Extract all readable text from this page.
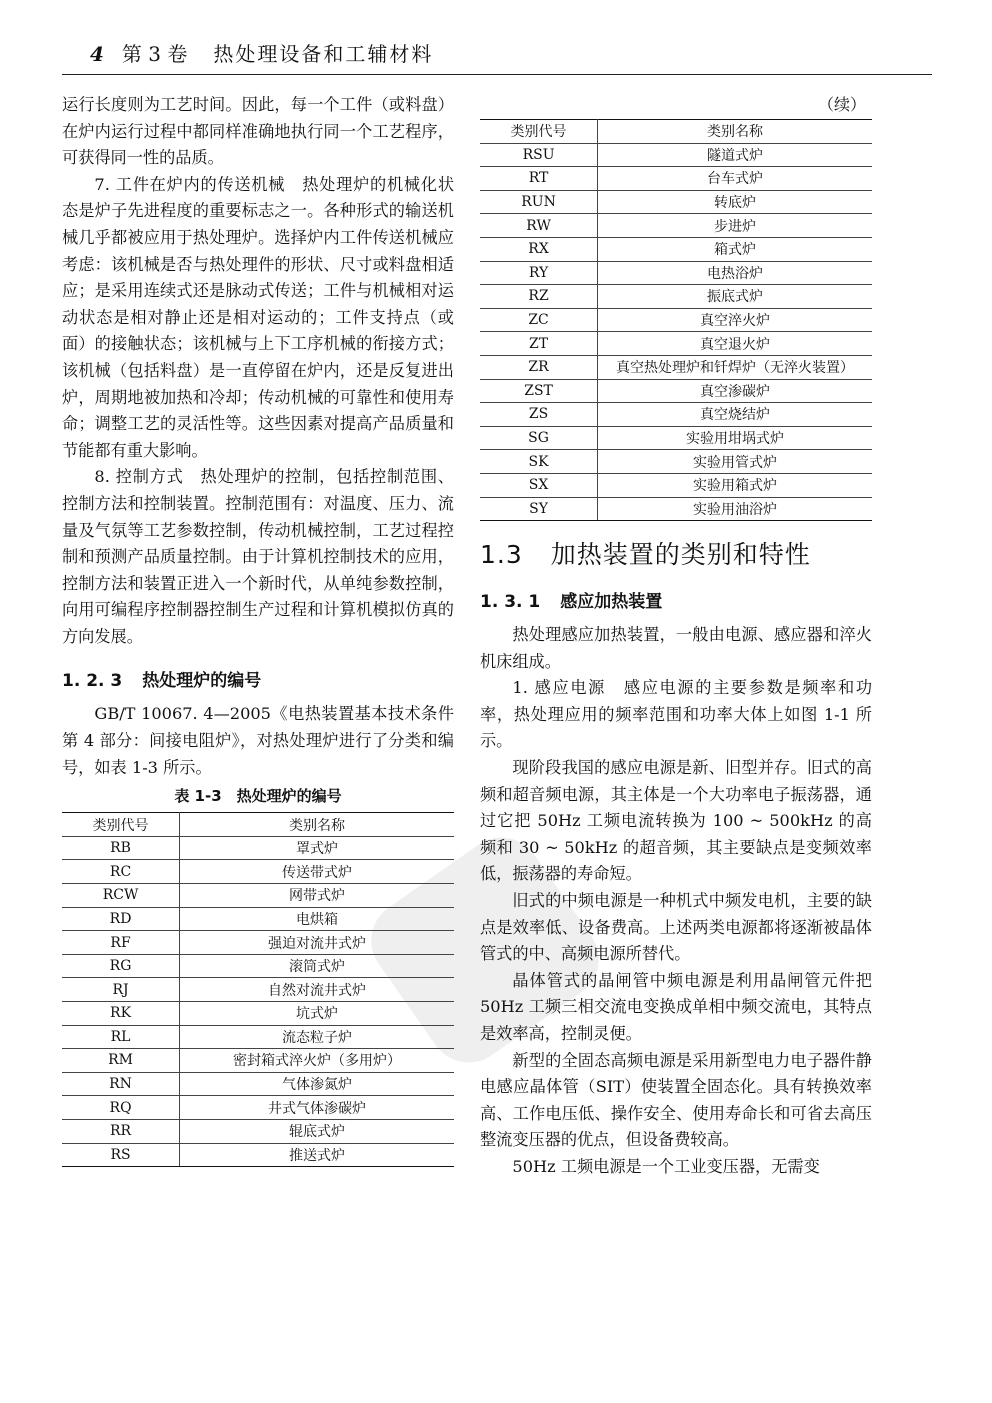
4 第 3 卷 热处理设备和工辅材料

运行长度则为工艺时间。因此，每一个工件（或料盘）在炉内运行过程中都同样准确地执行同一个工艺程序，可获得同一性的品质。

7. 工件在炉内的传送机械　 热处理炉的机械化状态是炉子先进程度的重要标志之一。各种形式的输送机械几乎都被应用于热处理炉。选择炉内工件传送机械应考虑：该机械是否与热处理件的形状、尺寸或料盘相适应；是采用连续式还是脉动式传送；工件与机械相对运动状态是相对静止还是相对运动的；工件支持点（或面）的接触状态；该机械与上下工序机械的衔接方式；该机械（包括料盘）是一直停留在炉内，还是反复进出炉，周期地被加热和冷却；传动机械的可靠性和使用寿命；调整工艺的灵活性等。这些因素对提高产品质量和节能都有重大影响。

8. 控制方式　 热处理炉的控制，包括控制范围、控制方法和控制装置。控制范围有：对温度、压力、流量及气氛等工艺参数控制，传动机械控制，工艺过程控制和预测产品质量控制。由于计算机控制技术的应用，控制方法和装置正进入一个新时代，从单纯参数控制，向用可编程序控制器控制生产过程和计算机模拟仿真的方向发展。

1. 2. 3 热处理炉的编号

GB/T 10067. 4—2005《电热装置基本技术条件　第 4 部分：间接电阻炉》，对热处理炉进行了分类和编号，如表 1-3 所示。

表 1-3　热处理炉的编号
类别代号	类别名称
RB	罩式炉
RC	传送带式炉
RCW	网带式炉
RD	电烘箱
RF	强迫对流井式炉
RG	滚筒式炉
RJ	自然对流井式炉
RK	坑式炉
RL	流态粒子炉
RM	密封箱式淬火炉（多用炉）
RN	气体渗氮炉
RQ	井式气体渗碳炉
RR	辊底式炉
RS	推送式炉
（续）
类别代号	类别名称
RSU	隧道式炉
RT	台车式炉
RUN	转底炉
RW	步进炉
RX	箱式炉
RY	电热浴炉
RZ	振底式炉
ZC	真空淬火炉
ZT	真空退火炉
ZR	真空热处理炉和钎焊炉（无淬火装置）
ZST	真空渗碳炉
ZS	真空烧结炉
SG	实验用坩埚式炉
SK	实验用管式炉
SX	实验用箱式炉
SY	实验用油浴炉
1.3 加热装置的类别和特性
1. 3. 1 感应加热装置

热处理感应加热装置，一般由电源、感应器和淬火机床组成。

1. 感应电源　 感应电源的主要参数是频率和功率，热处理应用的频率范围和功率大体上如图 1-1 所示。

现阶段我国的感应电源是新、旧型并存。旧式的高频和超音频电源，其主体是一个大功率电子振荡器，通过它把 50Hz 工频电流转换为 100 ~ 500kHz 的高频和 30 ~ 50kHz 的超音频，其主要缺点是变频效率低，振荡器的寿命短。

旧式的中频电源是一种机式中频发电机，主要的缺点是效率低、设备费高。上述两类电源都将逐渐被晶体管式的中、高频电源所替代。

晶体管式的晶闸管中频电源是利用晶闸管元件把 50Hz 工频三相交流电变换成单相中频交流电，其特点是效率高，控制灵便。

新型的全固态高频电源是采用新型电力电子器件静电感应晶体管（SIT）使装置全固态化。具有转换效率高、工作电压低、操作安全、使用寿命长和可省去高压整流变压器的优点，但设备费较高。

50Hz 工频电源是一个工业变压器，无需变
